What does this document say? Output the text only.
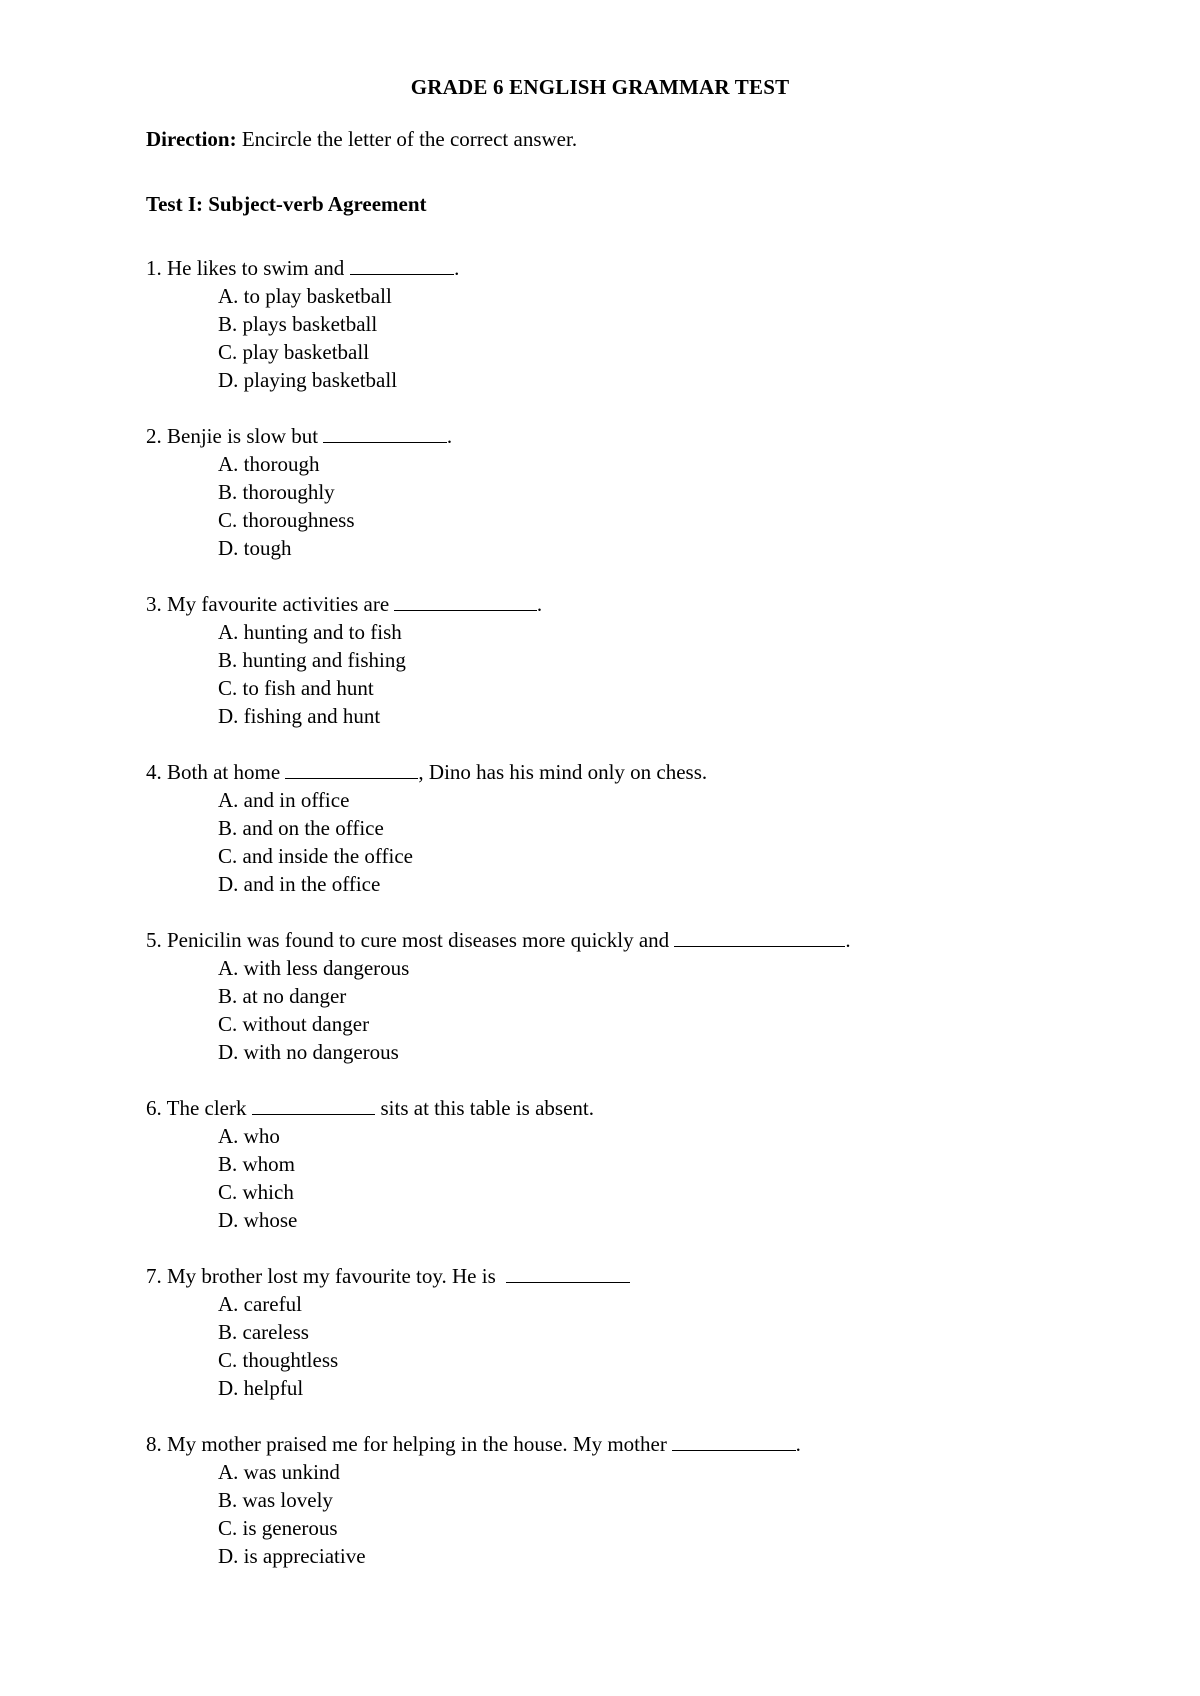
GRADE 6 ENGLISH GRAMMAR TEST
Direction: Encircle the letter of the correct answer.
Test I: Subject-verb Agreement
1. He likes to swim and	.
A. to play basketball
B. plays basketball
C. play basketball
D. playing basketball
2. Benjie is slow but	.
A. thorough
B. thoroughly
C. thoroughness
D. tough
3. My favourite activities are	.
A. hunting and to fish
B. hunting and fishing
C. to fish and hunt
D. fishing and hunt
4. Both at home	, Dino has his mind only on chess.
A. and in office
B. and on the office
C. and inside the office
D. and in the office
5. Penicilin was found to cure most diseases more quickly and	.
A. with less dangerous
B. at no danger
C. without danger
D. with no dangerous
6. The clerk	sits at this table is absent.
A. who
B. whom
C. which
D. whose
7. My brother lost my favourite toy. He is
A. careful
B. careless
C. thoughtless
D. helpful
8. My mother praised me for helping in the house. My mother	.
A. was unkind
B. was lovely
C. is generous
D. is appreciative
